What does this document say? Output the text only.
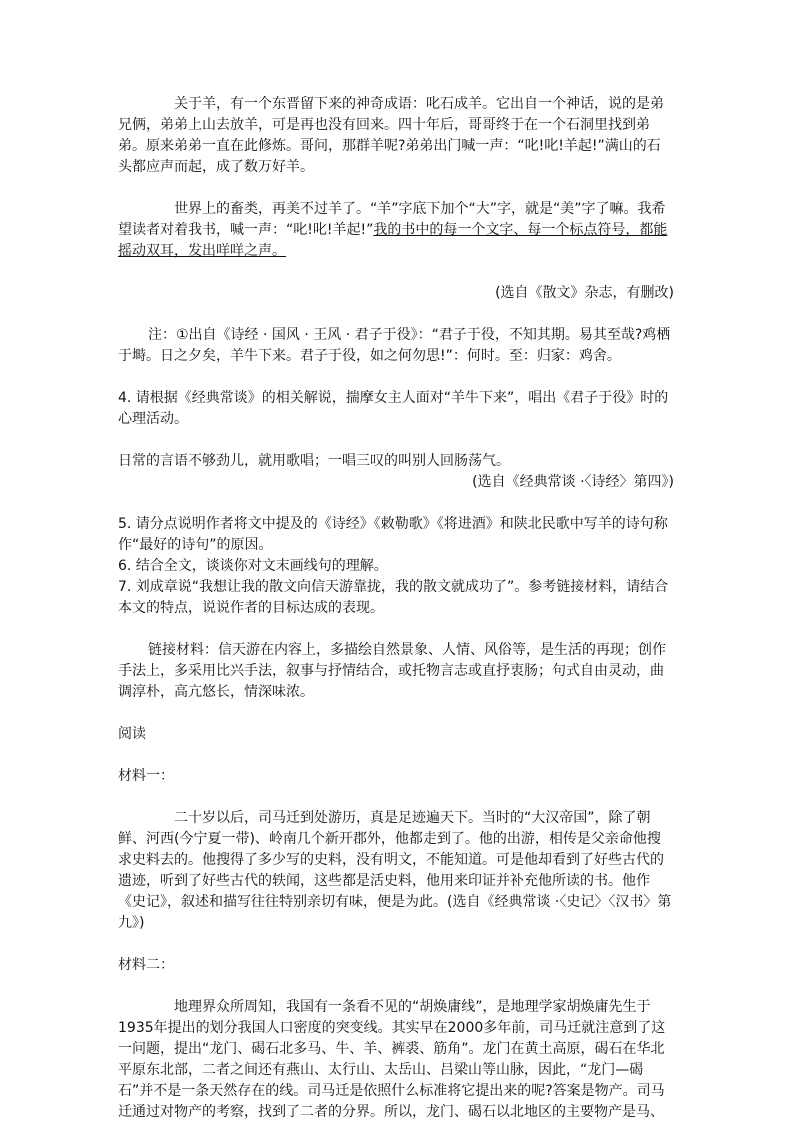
关于羊，有一个东晋留下来的神奇成语：叱石成羊。它出自一个神话，说的是弟兄俩，弟弟上山去放羊，可是再也没有回来。四十年后，哥哥终于在一个石洞里找到弟弟。原来弟弟一直在此修炼。哥问，那群羊呢?弟弟出门喊一声：“叱!叱!羊起!”满山的石头都应声而起，成了数万好羊。

世界上的畜类，再美不过羊了。“羊”字底下加个“大”字，就是“美”字了嘛。我希望读者对着我书，喊一声：“叱!叱!羊起!”我的书中的每一个文字、每一个标点符号，都能摇动双耳，发出咩咩之声。

(选自《散文》杂志，有删改)

注：①出自《诗经 · 国风 · 王风 · 君子于役》：“君子于役，不知其期。易其至哉?鸡栖于塒。日之夕矣，羊牛下来。君子于役，如之何勿思!”：何时。至：归家：鸡舍。

4. 请根据《经典常谈》的相关解说，揣摩女主人面对“羊牛下来”，唱出《君子于役》时的心理活动。

日常的言语不够劲儿，就用歌唱；一唱三叹的叫别人回肠荡气。

(选自《经典常谈 ·〈诗经〉第四》)

5. 请分点说明作者将文中提及的《诗经》《敕勒歌》《将进酒》和陕北民歌中写羊的诗句称作“最好的诗句”的原因。

6. 结合全文，谈谈你对文末画线句的理解。

7. 刘成章说“我想让我的散文向信天游靠拢，我的散文就成功了”。参考链接材料，请结合本文的特点，说说作者的目标达成的表现。

链接材料：信天游在内容上，多描绘自然景象、人情、风俗等，是生活的再现；创作手法上，多采用比兴手法，叙事与抒情结合，或托物言志或直抒衷肠；句式自由灵动，曲调淳朴，高亢悠长，情深味浓。

阅读

材料一：

二十岁以后，司马迁到处游历，真是足迹遍天下。当时的“大汉帝国”，除了朝鲜、河西(今宁夏一带)、岭南几个新开郡外，他都走到了。他的出游，相传是父亲命他搜求史料去的。他搜得了多少写的史料，没有明文，不能知道。可是他却看到了好些古代的遗迹，听到了好些古代的轶闻，这些都是活史料，他用来印证并补充他所读的书。他作《史记》，叙述和描写往往特别亲切有味，便是为此。(选自《经典常谈 ·〈史记〉〈汉书〉第九》)

材料二：

地理界众所周知，我国有一条看不见的“胡焕庸线”，是地理学家胡焕庸先生于1935年提出的划分我国人口密度的突变线。其实早在2000多年前，司马迁就注意到了这一问题，提出“龙门、碣石北多马、牛、羊、裤裘、筋角”。龙门在黄土高原，碣石在华北平原东北部，二者之间还有燕山、太行山、太岳山、吕梁山等山脉，因此，“龙门—碣石”并不是一条天然存在的线。司马迁是依照什么标准将它提出来的呢?答案是物产。司马迁通过对物产的考察，找到了二者的分界。所以，龙门、碣石以北地区的主要物产是马、
